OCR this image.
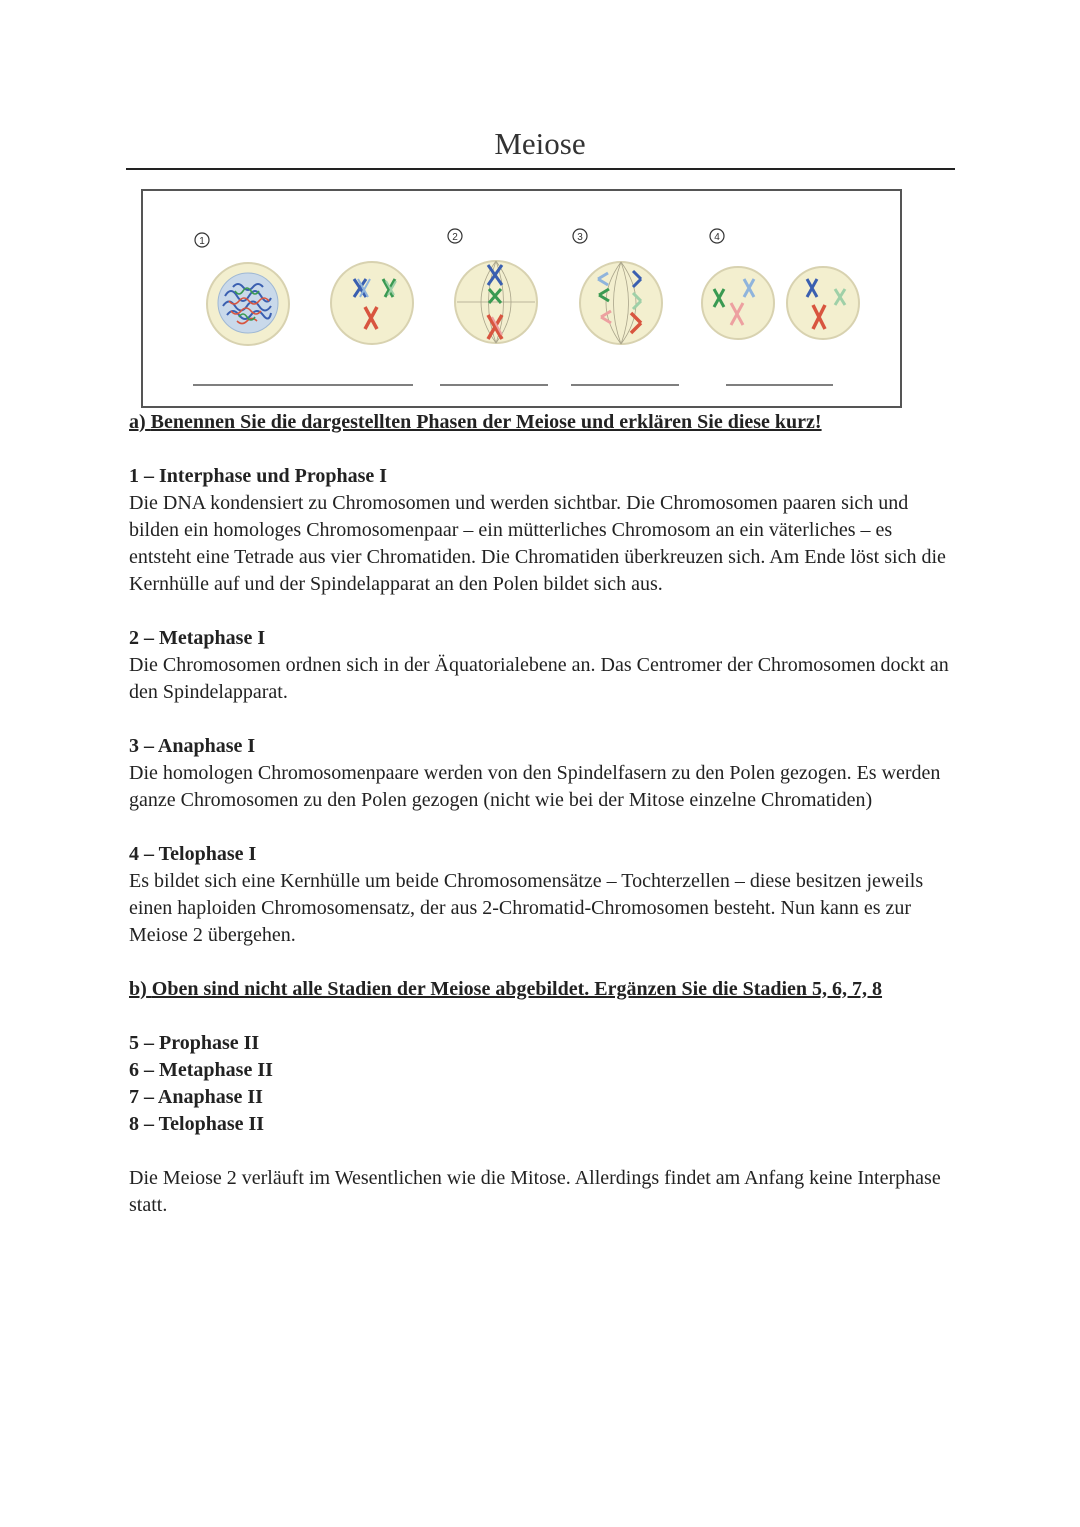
Meiose
1	2	3	4

a) Benennen Sie die dargestellten Phasen der Meiose und erklären Sie diese kurz!

1 – Interphase und Prophase I

Die DNA kondensiert zu Chromosomen und werden sichtbar. Die Chromosomen paaren sich und bilden ein homologes Chromosomenpaar – ein mütterliches Chromosom an ein väterliches – es entsteht eine Tetrade aus vier Chromatiden. Die Chromatiden überkreuzen sich. Am Ende löst sich die Kernhülle auf und der Spindelapparat an den Polen bildet sich aus.

2 – Metaphase I

Die Chromosomen ordnen sich in der Äquatorialebene an. Das Centromer der Chromosomen dockt an den Spindelapparat.

3 – Anaphase I

Die homologen Chromosomenpaare werden von den Spindelfasern zu den Polen gezogen. Es werden ganze Chromosomen zu den Polen gezogen (nicht wie bei der Mitose einzelne Chromatiden)

4 – Telophase I

Es bildet sich eine Kernhülle um beide Chromosomensätze – Tochterzellen – diese besitzen jeweils einen haploiden Chromosomensatz, der aus 2-Chromatid-Chromosomen besteht. Nun kann es zur Meiose 2 übergehen.

b) Oben sind nicht alle Stadien der Meiose abgebildet. Ergänzen Sie die Stadien 5, 6, 7, 8

5 – Prophase II
6 – Metaphase II
7 – Anaphase II
8 – Telophase II

Die Meiose 2 verläuft im Wesentlichen wie die Mitose. Allerdings findet am Anfang keine Interphase statt.
